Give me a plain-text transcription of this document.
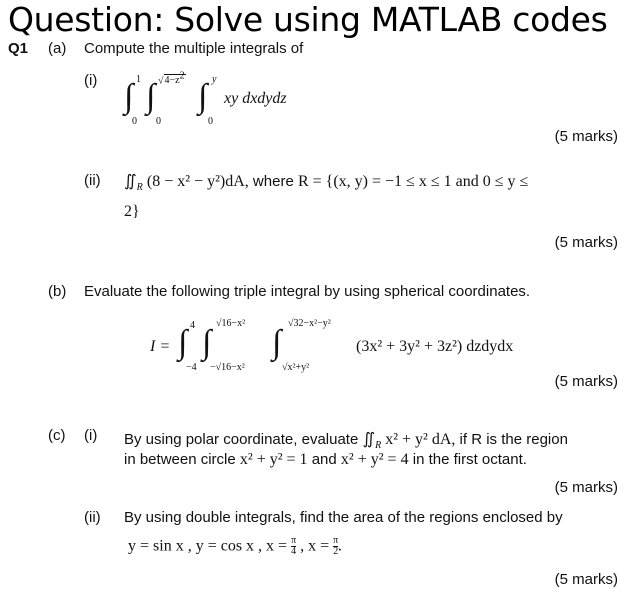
Question: Solve using MATLAB codes
Q1 (a) Compute the multiple integrals of
(i) ∫ 1
0
∫ √4−z2
0
∫ y
0
xy dxdydz
(5 marks)
(ii) $∬_R$ (8 − x² − y²)dA, where R = {(x, y) = −1 ≤ x ≤ 1 and 0 ≤ y ≤
2}
(5 marks)
(b) Evaluate the following triple integral by using spherical coordinates.
I = ∫ 4
−4
∫
√16−x²
−√16−x²
∫
√32−x²−y²
√x²+y²
(3x² + 3y² + 3z²) dzdydx
(5 marks)
(c) (i) By using polar coordinate, evaluate $∬_R$ x² + y² dA, if R is the region
in between circle x² + y² = 1 and x² + y² = 4 in the first octant.
(5 marks)
(ii) By using double integrals, find the area of the regions enclosed by
y = sin x , y = cos x , $x = \frac{\pi}{4}$ , $x = \frac{\pi}{2}$ .
(5 marks)
